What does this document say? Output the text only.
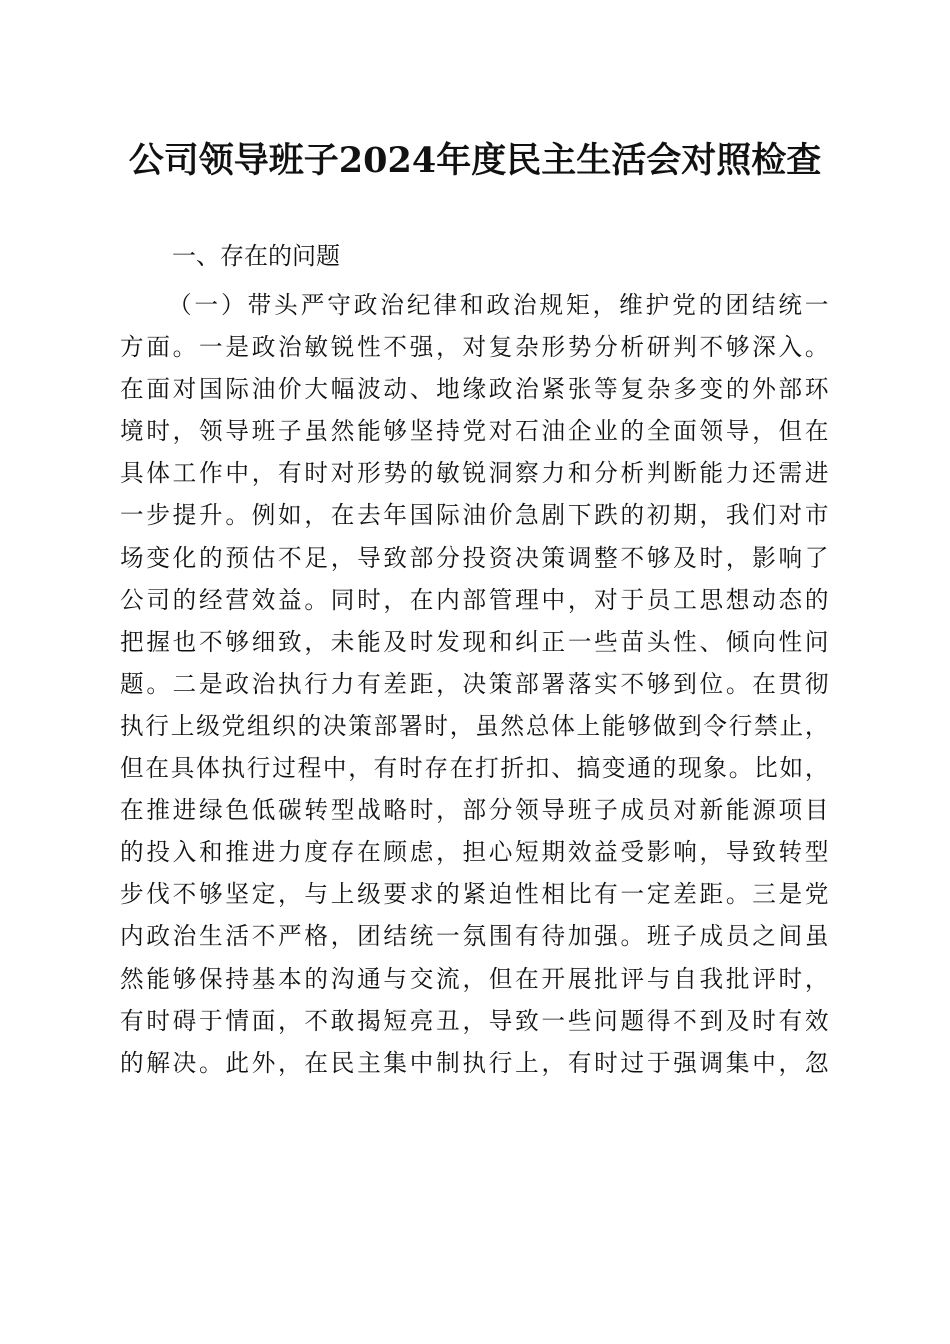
公司领导班子2024年度民主生活会对照检查
一、存在的问题
（一）带头严守政治纪律和政治规矩，维护党的团结统一
方面。一是政治敏锐性不强，对复杂形势分析研判不够深入。
在面对国际油价大幅波动、地缘政治紧张等复杂多变的外部环
境时，领导班子虽然能够坚持党对石油企业的全面领导，但在
具体工作中，有时对形势的敏锐洞察力和分析判断能力还需进
一步提升。例如，在去年国际油价急剧下跌的初期，我们对市
场变化的预估不足，导致部分投资决策调整不够及时，影响了
公司的经营效益。同时，在内部管理中，对于员工思想动态的
把握也不够细致，未能及时发现和纠正一些苗头性、倾向性问
题。二是政治执行力有差距，决策部署落实不够到位。在贯彻
执行上级党组织的决策部署时，虽然总体上能够做到令行禁止，
但在具体执行过程中，有时存在打折扣、搞变通的现象。比如，
在推进绿色低碳转型战略时，部分领导班子成员对新能源项目
的投入和推进力度存在顾虑，担心短期效益受影响，导致转型
步伐不够坚定，与上级要求的紧迫性相比有一定差距。三是党
内政治生活不严格，团结统一氛围有待加强。班子成员之间虽
然能够保持基本的沟通与交流，但在开展批评与自我批评时，
有时碍于情面，不敢揭短亮丑，导致一些问题得不到及时有效
的解决。此外，在民主集中制执行上，有时过于强调集中，忽
